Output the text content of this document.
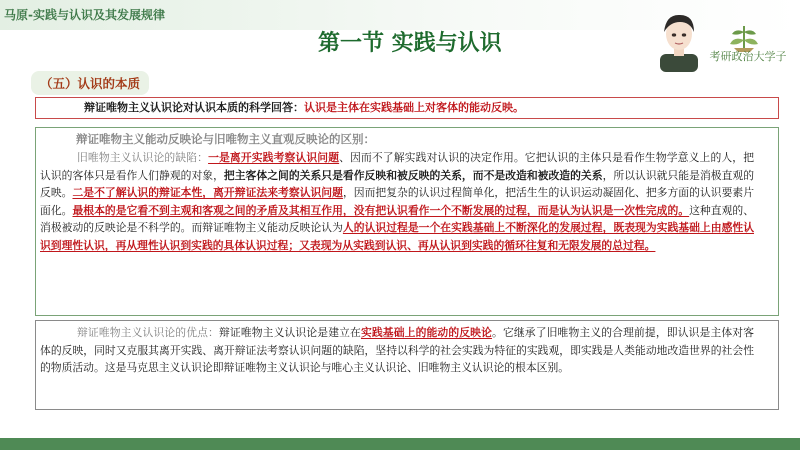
马原-实践与认识及其发展规律
第一节 实践与认识
考研政治大学子
（五）认识的本质
辩证唯物主义认识论对认识本质的科学回答：认识是主体在实践基础上对客体的能动反映。
辩证唯物主义能动反映论与旧唯物主义直观反映论的区别：
旧唯物主义认识论的缺陷：一是离开实践考察认识问题、因而不了解实践对认识的决定作用。它把认识的主体只是看作生物学意义上的人，把认识的客体只是看作人们静观的对象，把主客体之间的关系只是看作反映和被反映的关系，而不是改造和被改造的关系，所以认识就只能是消极直观的反映。二是不了解认识的辩证本性，离开辩证法来考察认识问题，因而把复杂的认识过程简单化，把活生生的认识运动凝固化、把多方面的认识要素片面化。最根本的是它看不到主观和客观之间的矛盾及其相互作用，没有把认识看作一个不断发展的过程，而是认为认识是一次性完成的。这种直观的、消极被动的反映论是不科学的。而辩证唯物主义能动反映论认为人的认识过程是一个在实践基础上不断深化的发展过程，既表现为实践基础上由感性认识到理性认识，再从理性认识到实践的具体认识过程；又表现为从实践到认识、再从认识到实践的循环往复和无限发展的总过程。
辩证唯物主义认识论的优点：辩证唯物主义认识论是建立在实践基础上的能动的反映论。它继承了旧唯物主义的合理前提，即认识是主体对客体的反映，同时又克服其离开实践、离开辩证法考察认识问题的缺陷，坚持以科学的社会实践为特征的实践观，即实践是人类能动地改造世界的社会性的物质活动。这是马克思主义认识论即辩证唯物主义认识论与唯心主义认识论、旧唯物主义认识论的根本区别。
